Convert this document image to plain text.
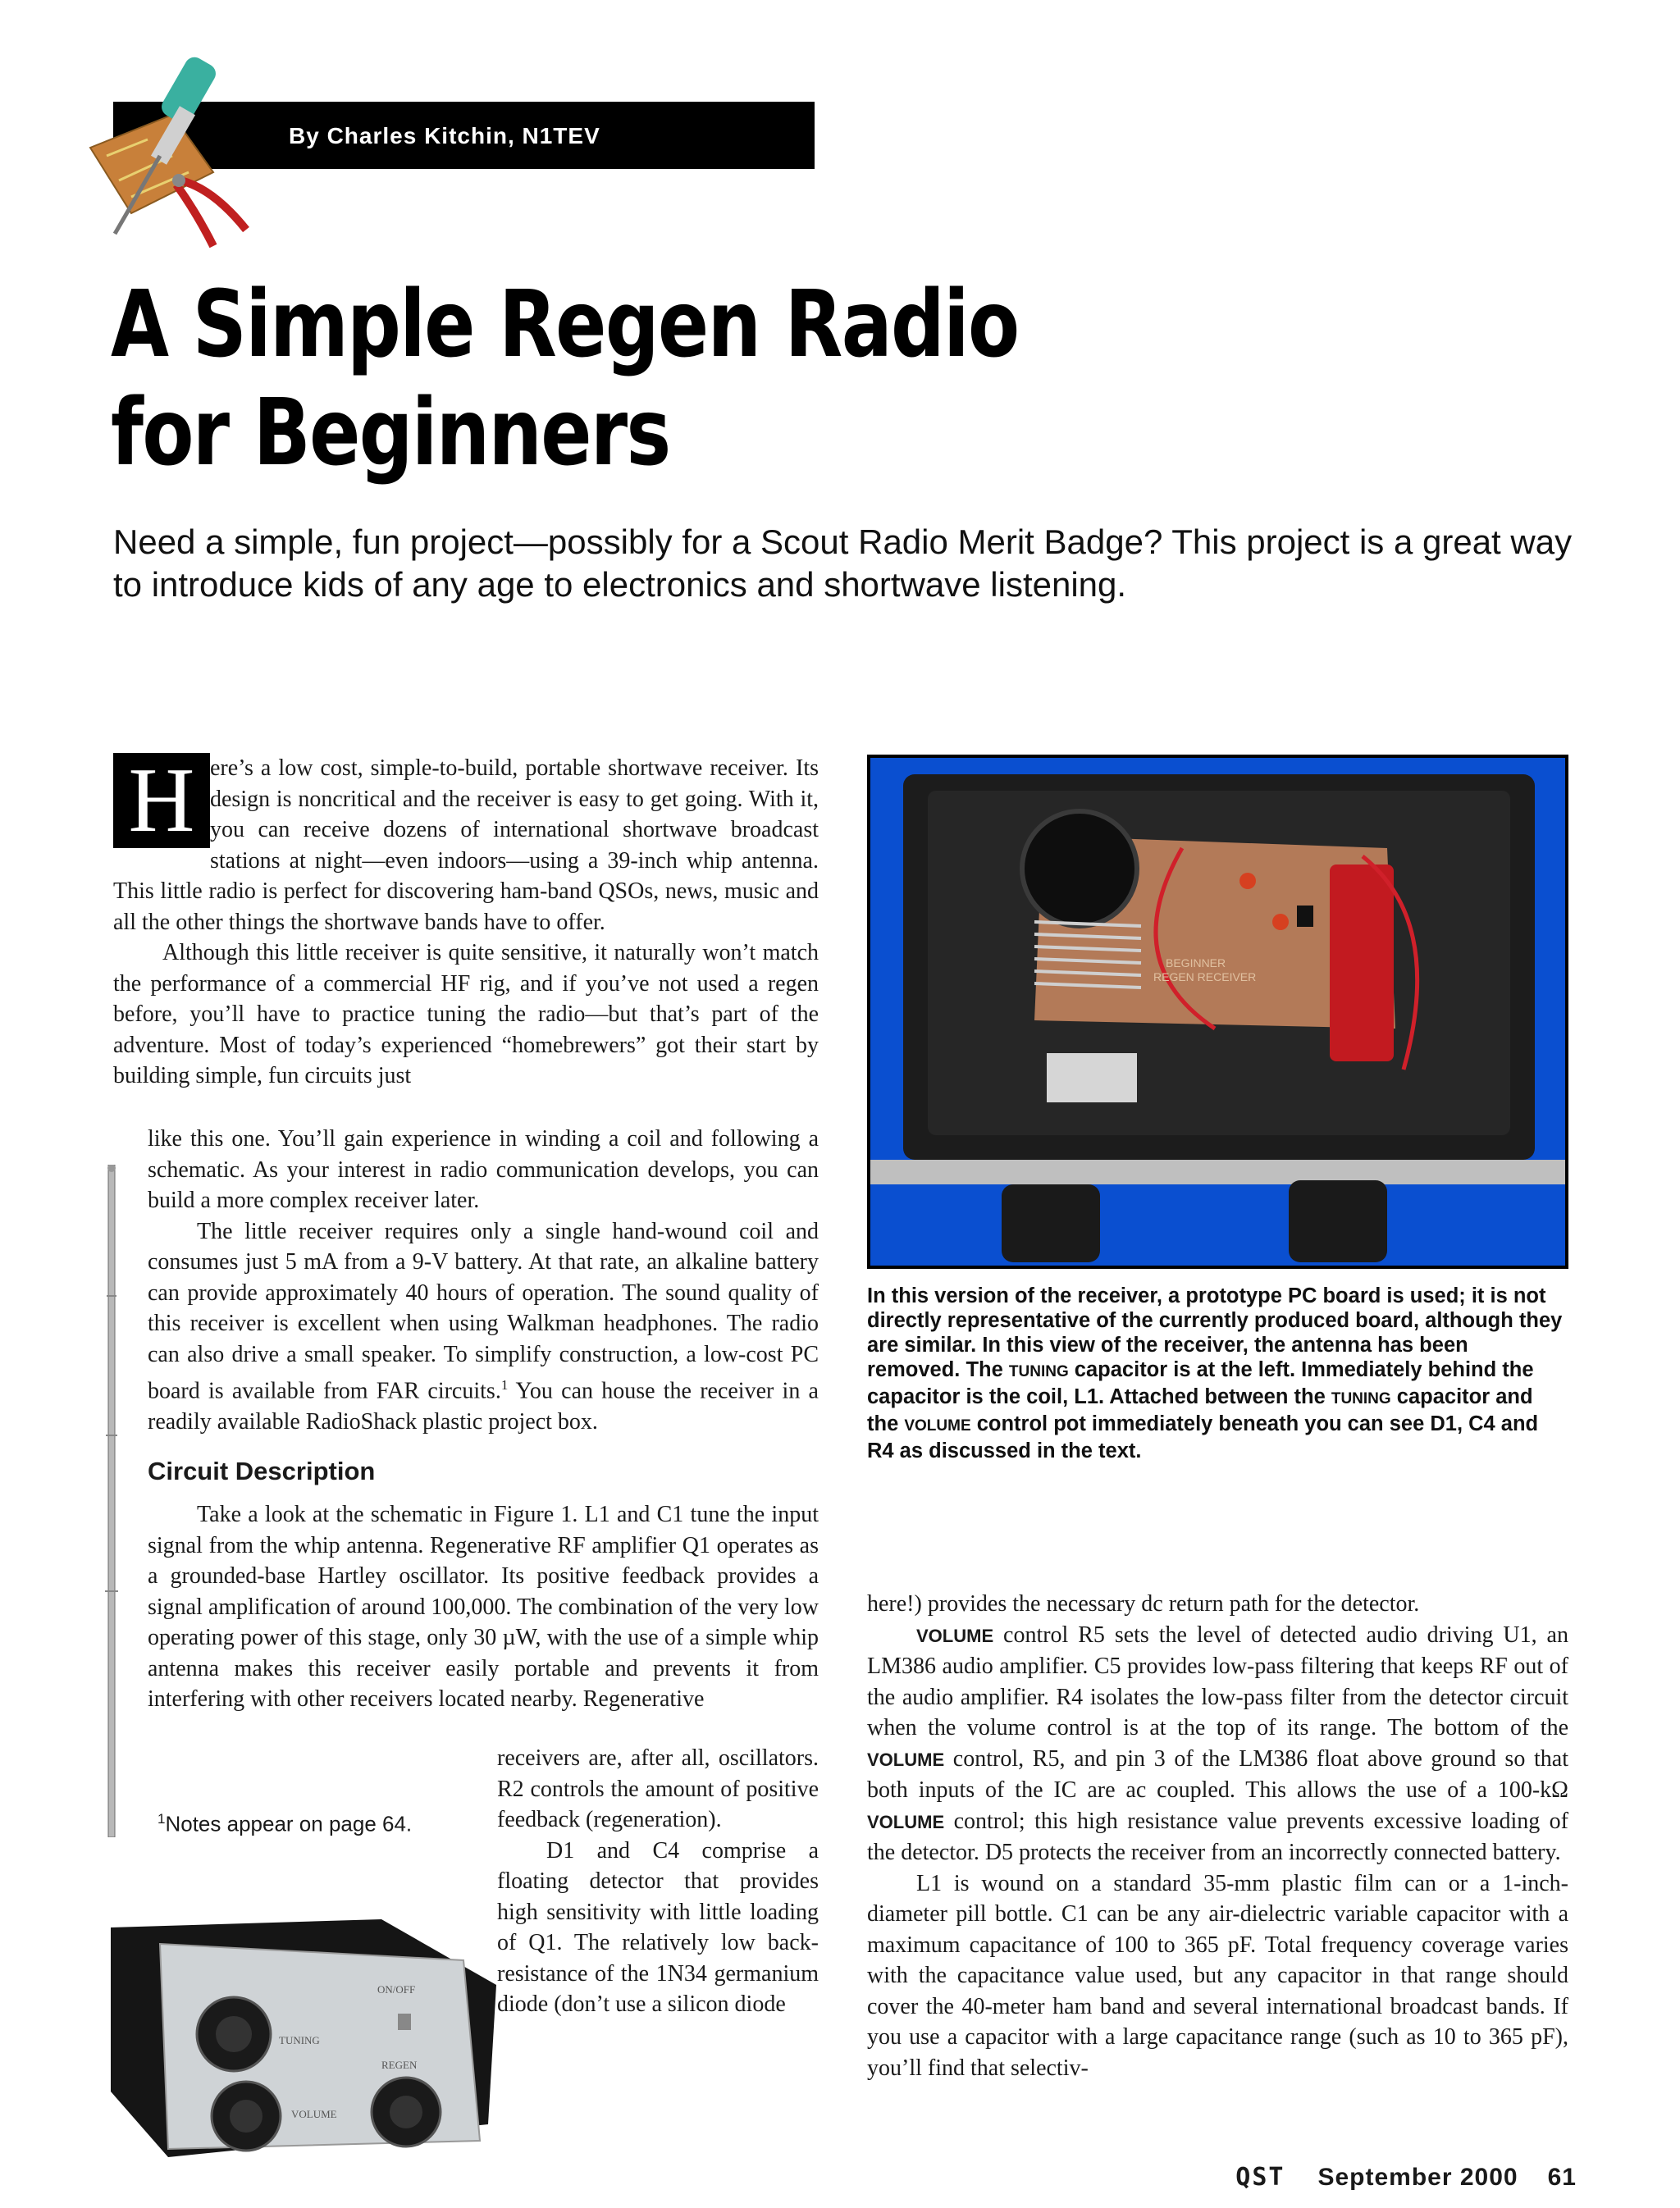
By Charles Kitchin, N1TEV
A Simple Regen Radio
for Beginners
Need a simple, fun project—possibly for a Scout Radio Merit Badge? This project is a great way to introduce kids of any age to electronics and shortwave listening.
H ere’s a low cost, simple-to-build, portable shortwave receiver. Its design is noncritical and the receiver is easy to get going. With it, you can receive dozens of international shortwave broadcast stations at night—even indoors—using a 39-inch whip antenna. This little radio is perfect for discovering ham-band QSOs, news, music and all the other things the shortwave bands have to offer.

Although this little receiver is quite sensitive, it naturally won’t match the performance of a commercial HF rig, and if you’ve not used a regen before, you’ll have to practice tuning the radio—but that’s part of the adventure. Most of today’s experienced “homebrewers” got their start by building simple, fun circuits just

like this one. You’ll gain experience in winding a coil and following a schematic. As your interest in radio communication develops, you can build a more complex receiver later.

The little receiver requires only a single hand-wound coil and consumes just 5 mA from a 9-V battery. At that rate, an alkaline battery can provide approximately 40 hours of operation. The sound quality of this receiver is excellent when using Walkman headphones. The radio can also drive a small speaker. To simplify construction, a low-cost PC board is available from FAR circuits.$^1$ You can house the receiver in a readily available RadioShack plastic project box.

Circuit Description

Take a look at the schematic in Figure 1. L1 and C1 tune the input signal from the whip antenna. Regenerative RF amplifier Q1 operates as a grounded-base Hartley oscillator. Its positive feedback provides a signal amplification of around 100,000. The combination of the very low operating power of this stage, only 30 µW, with the use of a simple whip antenna makes this receiver easily portable and prevents it from interfering with other receivers located nearby. Regenerative

receivers are, after all, oscillators. R2 controls the amount of positive feedback (regeneration).

D1 and C4 comprise a floating detector that provides high sensitivity with little loading of Q1. The relatively low back-resistance of the 1N34 germanium diode (don’t use a silicon diode

$^1$Notes appear on page 64.
ON/OFF
TUNING
REGEN
VOLUME
BEGINNER
REGEN RECEIVER
In this version of the receiver, a prototype PC board is used; it is not directly representative of the currently produced board, although they are similar. In this view of the receiver, the antenna has been removed. The TUNING capacitor is at the left. Immediately behind the capacitor is the coil, L1. Attached between the TUNING capacitor and the VOLUME control pot immediately beneath you can see D1, C4 and R4 as discussed in the text.

here!) provides the necessary dc return path for the detector.

VOLUME control R5 sets the level of detected audio driving U1, an LM386 audio amplifier. C5 provides low-pass filtering that keeps RF out of the audio amplifier. R4 isolates the low-pass filter from the detector circuit when the volume control is at the top of its range. The bottom of the VOLUME control, R5, and pin 3 of the LM386 float above ground so that both inputs of the IC are ac coupled. This allows the use of a 100-kΩ VOLUME control; this high resistance value prevents excessive loading of the detector. D5 protects the receiver from an incorrectly connected battery.

L1 is wound on a standard 35-mm plastic film can or a 1-inch-diameter pill bottle. C1 can be any air-dielectric variable capacitor with a maximum capacitance of 100 to 365 pF. Total frequency coverage varies with the capacitance value used, but any capacitor in that range should cover the 40-meter ham band and several international broadcast bands. If you use a capacitor with a large capacitance range (such as 10 to 365 pF), you’ll find that selectiv-

QST September 2000 61
